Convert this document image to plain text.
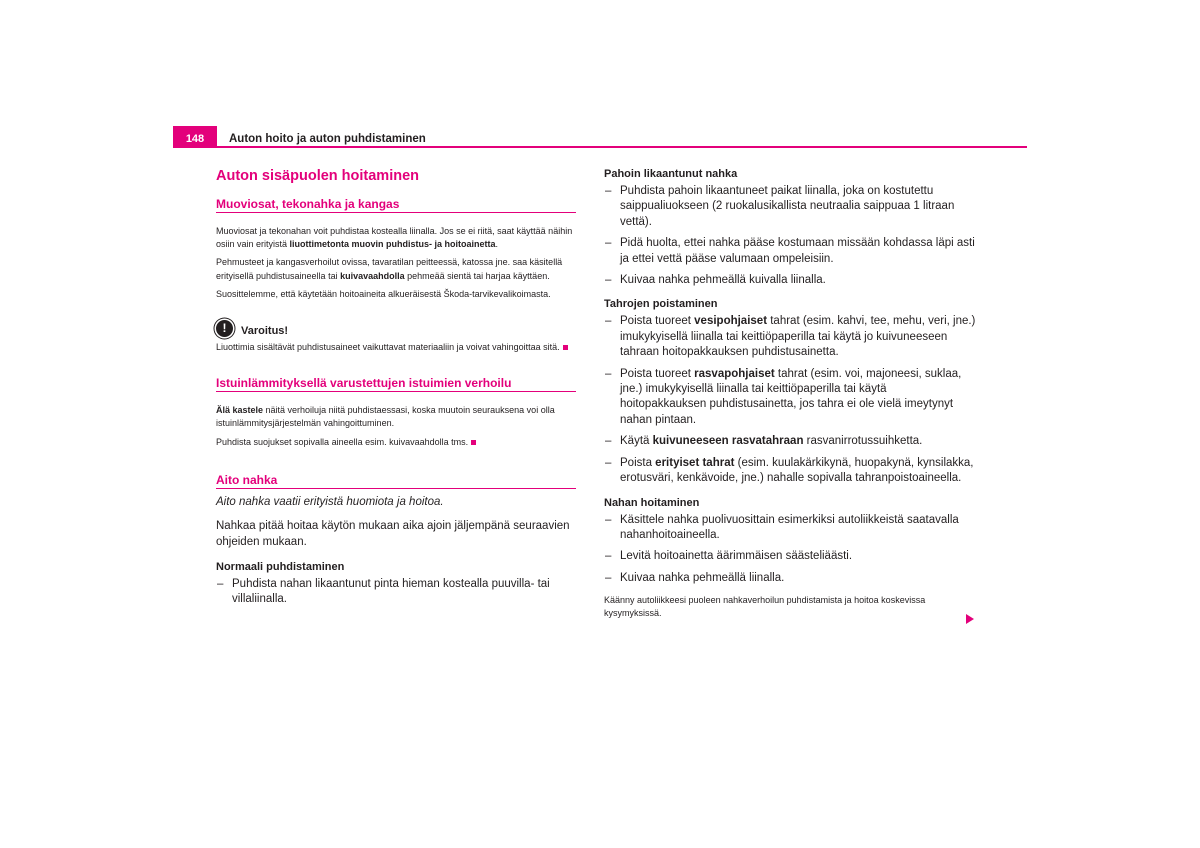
148	Auton hoito ja auton puhdistaminen
Auton sisäpuolen hoitaminen
Muoviosat, tekonahka ja kangas

Muoviosat ja tekonahan voit puhdistaa kostealla liinalla. Jos se ei riitä, saat käyttää näihin osiin vain erityistä liuottimetonta muovin puhdistus- ja hoitoainetta.

Pehmusteet ja kangasverhoilut ovissa, tavaratilan peitteessä, katossa jne. saa käsitellä erityisellä puhdistusaineella tai kuivavaahdolla pehmeää sientä tai harjaa käyttäen.

Suosittelemme, että käytetään hoitoaineita alkueräisestä Škoda-tarvikevalikoimasta.

!	Varoitus!

Liuottimia sisältävät puhdistusaineet vaikuttavat materiaaliin ja voivat vahingoittaa sitä.

Istuinlämmityksellä varustettujen istuimien verhoilu

Älä kastele näitä verhoiluja niitä puhdistaessasi, koska muutoin seurauksena voi olla istuinlämmitysjärjestelmän vahingoittuminen.

Puhdista suojukset sopivalla aineella esim. kuivavaahdolla tms.

Aito nahka

Aito nahka vaatii erityistä huomiota ja hoitoa.

Nahkaa pitää hoitaa käytön mukaan aika ajoin jäljempänä seuraavien ohjeiden mukaan.

Normaali puhdistaminen
– Puhdista nahan likaantunut pinta hieman kostealla puuvilla- tai villaliinalla.
Pahoin likaantunut nahka
– Puhdista pahoin likaantuneet paikat liinalla, joka on kostutettu saippualiuokseen (2 ruokalusikallista neutraalia saippuaa 1 litraan vettä).
– Pidä huolta, ettei nahka pääse kostumaan missään kohdassa läpi asti ja ettei vettä pääse valumaan ompeleisiin.
– Kuivaa nahka pehmeällä kuivalla liinalla.
Tahrojen poistaminen
– Poista tuoreet vesipohjaiset tahrat (esim. kahvi, tee, mehu, veri, jne.) imukykyisellä liinalla tai keittiöpaperilla tai käytä jo kuivuneeseen tahraan hoitopakkauksen puhdistusainetta.
– Poista tuoreet rasvapohjaiset tahrat (esim. voi, majoneesi, suklaa, jne.) imukykyisellä liinalla tai keittiöpaperilla tai käytä hoitopakkauksen puhdistusainetta, jos tahra ei ole vielä imeytynyt nahan pintaan.
– Käytä kuivuneeseen rasvatahraan rasvanirrotussuihketta.
– Poista erityiset tahrat (esim. kuulakärkikynä, huopakynä, kynsilakka, erotusväri, kenkävoide, jne.) nahalle sopivalla tahranpoistoaineella.
Nahan hoitaminen
– Käsittele nahka puolivuosittain esimerkiksi autoliikkeistä saatavalla nahanhoitoaineella.
– Levitä hoitoainetta äärimmäisen säästeliäästi.
– Kuivaa nahka pehmeällä liinalla.

Käänny autoliikkeesi puoleen nahkaverhoilun puhdistamista ja hoitoa koskevissa kysymyksissä.
